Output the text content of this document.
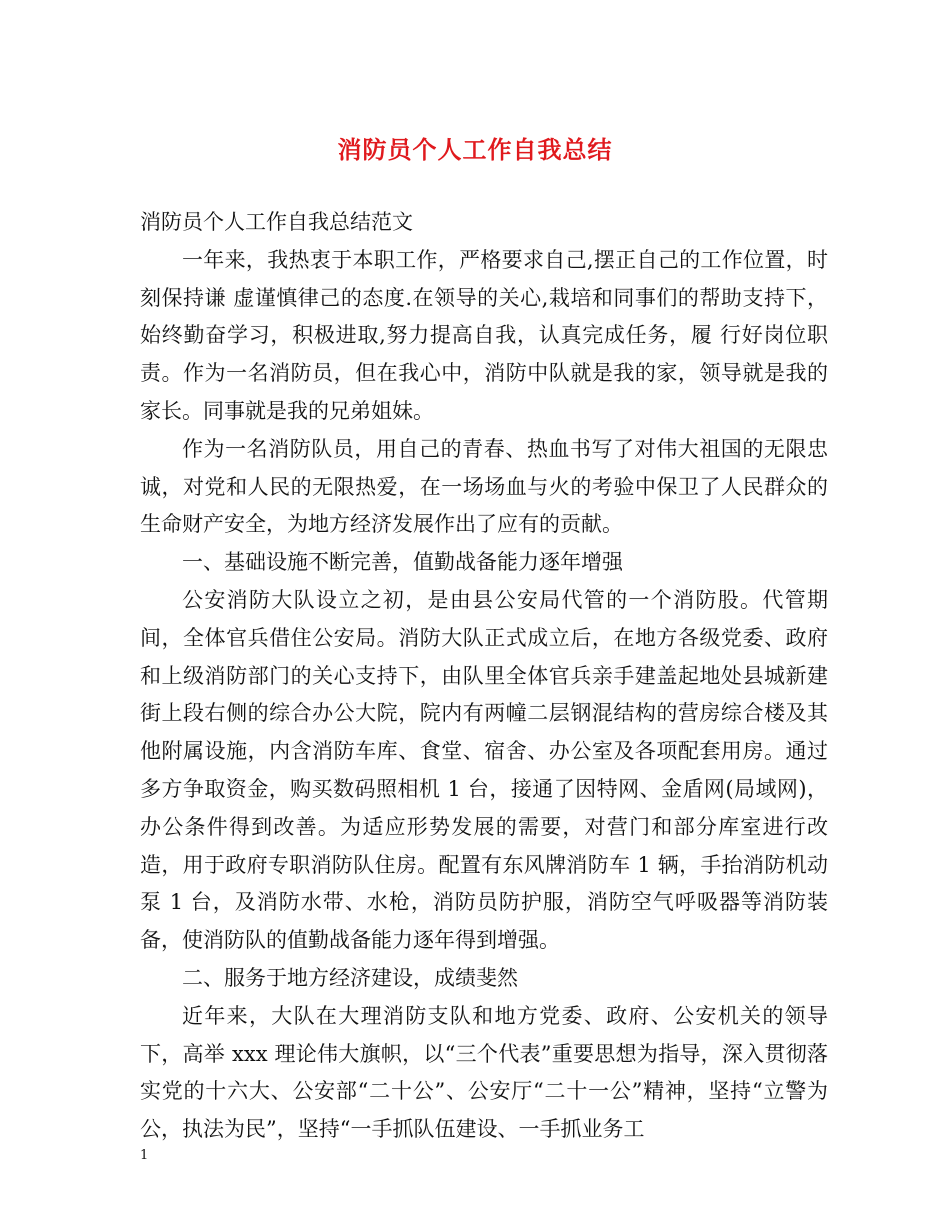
消防员个人工作自我总结

消防员个人工作自我总结范文

一年来，我热衷于本职工作，严格要求自己,摆正自己的工作位置，时刻保持谦 虚谨慎律己的态度.在领导的关心,栽培和同事们的帮助支持下，始终勤奋学习，积极进取,努力提高自我，认真完成任务，履 行好岗位职责。作为一名消防员，但在我心中，消防中队就是我的家，领导就是我的家长。同事就是我的兄弟姐妹。

作为一名消防队员，用自己的青春、热血书写了对伟大祖国的无限忠诚，对党和人民的无限热爱，在一场场血与火的考验中保卫了人民群众的生命财产安全，为地方经济发展作出了应有的贡献。

一、基础设施不断完善，值勤战备能力逐年增强

公安消防大队设立之初，是由县公安局代管的一个消防股。代管期间，全体官兵借住公安局。消防大队正式成立后，在地方各级党委、政府和上级消防部门的关心支持下，由队里全体官兵亲手建盖起地处县城新建街上段右侧的综合办公大院，院内有两幢二层钢混结构的营房综合楼及其他附属设施，内含消防车库、食堂、宿舍、办公室及各项配套用房。通过多方争取资金，购买数码照相机 1 台，接通了因特网、金盾网(局域网)，办公条件得到改善。为适应形势发展的需要，对营门和部分库室进行改造，用于政府专职消防队住房。配置有东风牌消防车 1 辆，手抬消防机动泵 1 台，及消防水带、水枪，消防员防护服，消防空气呼吸器等消防装备，使消防队的值勤战备能力逐年得到增强。

二、服务于地方经济建设，成绩斐然

近年来，大队在大理消防支队和地方党委、政府、公安机关的领导下，高举 xxx 理论伟大旗帜，以“三个代表”重要思想为指导，深入贯彻落实党的十六大、公安部“二十公”、公安厅“二十一公”精神，坚持“立警为公，执法为民”，坚持“一手抓队伍建设、一手抓业务工

1
